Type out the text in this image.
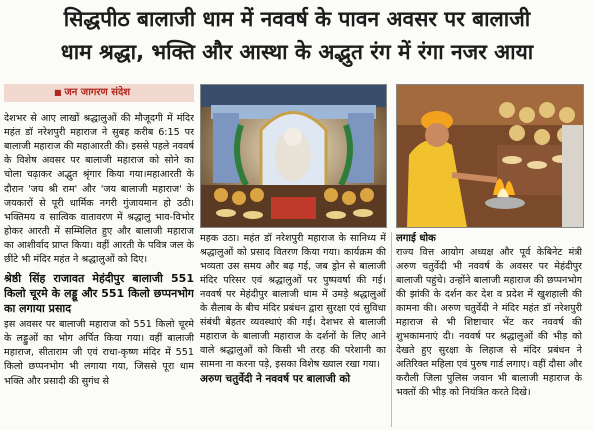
सिद्धपीठ बालाजी धाम में नववर्ष के पावन अवसर पर बालाजी
धाम श्रद्धा, भक्ति और आस्था के अद्भुत रंग में रंगा नजर आया
■ जन जागरण संदेश

देशभर से आए लाखों श्रद्धालुओं की मौजूदगी में मंदिर महंत डॉ नरेशपुरी महाराज ने सुबह करीब 6:15 पर बालाजी महाराज की महाआरती की। इससे पहले नववर्ष के विशेष अवसर पर बालाजी महाराज को सोने का चोला चढ़ाकर अद्भुत श्रृंगार किया गया।महाआरती के दौरान 'जय श्री राम' और 'जय बालाजी महाराज' के जयकारों से पूरी धार्मिक नगरी गुंजायमान हो उठी। भक्तिमय व सात्विक वातावरण में श्रद्धालु भाव-विभोर होकर आरती में सम्मिलित हुए और बालाजी महाराज का आशीर्वाद प्राप्त किया। वहीं आरती के पवित्र जल के छींटे भी मंदिर महंत ने श्रद्धालुओं को दिए।

श्रेष्ठी सिंह राजावत मेहंदीपुर बालाजी 551 किलो चूरमे के लड्डू और 551 किलो छप्पनभोग का लगाया प्रसाद

इस अवसर पर बालाजी महाराज को 551 किलो चूरमे के लड्डुओं का भोग अर्पित किया गया। वहीं बालाजी महाराज, सीताराम जी एवं राधा-कृष्ण मंदिर में 551 किलो छप्पनभोग भी लगाया गया, जिससे पूरा धाम भक्ति और प्रसादी की सुगंध से

महक उठा। महंत डॉ नरेशपुरी महाराज के सानिध्य में श्रद्धालुओं को प्रसाद वितरण किया गया। कार्यक्रम की भव्यता उस समय और बढ़ गई, जब ड्रोन से बालाजी मंदिर परिसर एवं श्रद्धालुओं पर पुष्पवर्षा की गई। नववर्ष पर मेहंदीपुर बालाजी धाम में उमड़े श्रद्धालुओं के सैलाब के बीच मंदिर प्रबंधन द्वारा सुरक्षा एवं सुविधा संबंधी बेहतर व्यवस्थाएं की गईं। देशभर से बालाजी महाराज के बालाजी महाराज के दर्शनों के लिए आने वाले श्रद्धालुओं को किसी भी तरह की परेशानी का सामना ना करना पड़े, इसका विशेष ख्याल रखा गया।
अरुण चतुर्वेदी ने नववर्ष पर बालाजी को
लगाई धोक
राज्य वित्त आयोग अध्यक्ष और पूर्व केबिनेट मंत्री अरुण चतुर्वेदी भी नववर्ष के अवसर पर मेहंदीपुर बालाजी पहुंचे। उन्होंने बालाजी महाराज की छप्पनभोग की झांकी के दर्शन कर देश व प्रदेश में खुशहाली की कामना की। अरुण चतुर्वेदी ने मंदिर महंत डॉ नरेशपुरी महाराज से भी शिष्टाचार भेंट कर नववर्ष की शुभकामनाएं दी। नववर्ष पर श्रद्धालुओं की भीड़ को देखते हुए सुरक्षा के लिहाज से मंदिर प्रबंधन ने अतिरिक्त महिला एवं पुरुष गार्ड लगाए। वहीं दौसा और करौली जिला पुलिस जवान भी बालाजी महाराज के भक्तों की भीड़ को नियंत्रित करते दिखे।
